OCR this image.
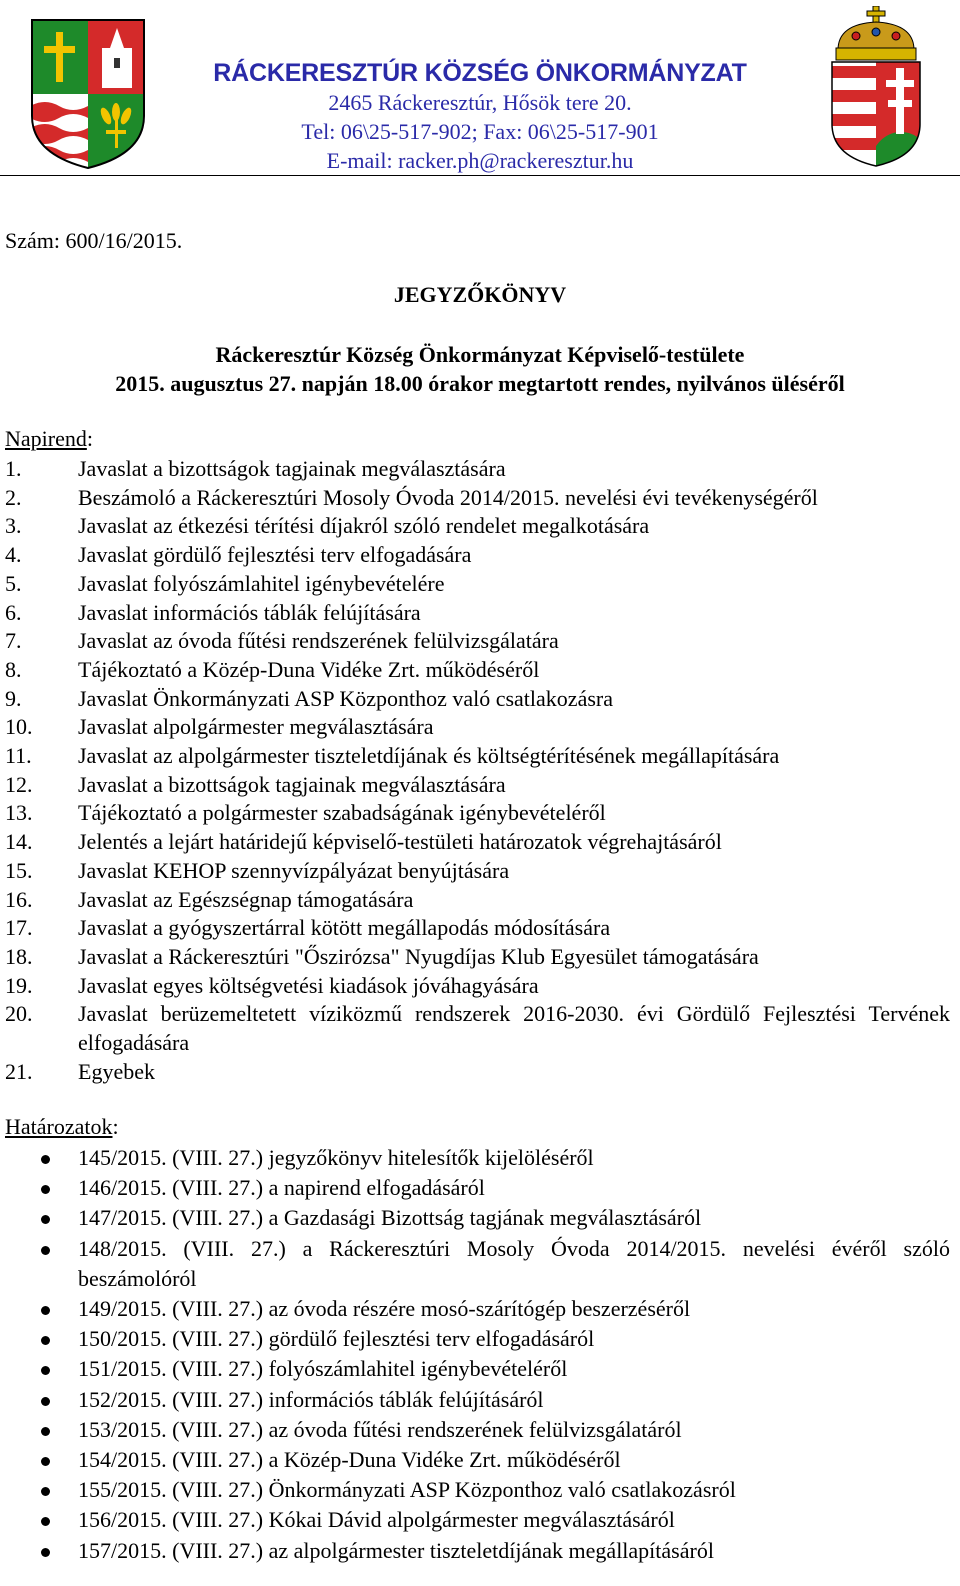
RÁCKERESZTÚR KÖZSÉG ÖNKORMÁNYZAT
2465 Ráckeresztúr, Hősök tere 20.
Tel: 06\25-517-902; Fax: 06\25-517-901
E-mail: racker.ph@rackeresztur.hu
Szám: 600/16/2015.
JEGYZŐKÖNYV
Ráckeresztúr Község Önkormányzat Képviselő-testülete
2015. augusztus 27. napján 18.00 órakor megtartott rendes, nyilvános üléséről
Napirend:
1.	Javaslat a bizottságok tagjainak megválasztására
2.	Beszámoló a Ráckeresztúri Mosoly Óvoda 2014/2015. nevelési évi tevékenységéről
3.	Javaslat az étkezési térítési díjakról szóló rendelet megalkotására
4.	Javaslat gördülő fejlesztési terv elfogadására
5.	Javaslat folyószámlahitel igénybevételére
6.	Javaslat információs táblák felújítására
7.	Javaslat az óvoda fűtési rendszerének felülvizsgálatára
8.	Tájékoztató a Közép-Duna Vidéke Zrt. működéséről
9.	Javaslat Önkormányzati ASP Központhoz való csatlakozásra
10.	Javaslat alpolgármester megválasztására
11.	Javaslat az alpolgármester tiszteletdíjának és költségtérítésének megállapítására
12.	Javaslat a bizottságok tagjainak megválasztására
13.	Tájékoztató a polgármester szabadságának igénybevételéről
14.	Jelentés a lejárt határidejű képviselő-testületi határozatok végrehajtásáról
15.	Javaslat KEHOP szennyvízpályázat benyújtására
16.	Javaslat az Egészségnap támogatására
17.	Javaslat a gyógyszertárral kötött megállapodás módosítására
18.	Javaslat a Ráckeresztúri "Őszirózsa" Nyugdíjas Klub Egyesület támogatására
19.	Javaslat egyes költségvetési kiadások jóváhagyására
20.	Javaslat berüzemeltetett víziközmű rendszerek 2016-2030. évi Gördülő Fejlesztési Tervének elfogadására
21.	Egyebek
Határozatok:
145/2015. (VIII. 27.) jegyzőkönyv hitelesítők kijelöléséről
146/2015. (VIII. 27.) a napirend elfogadásáról
147/2015. (VIII. 27.) a Gazdasági Bizottság tagjának megválasztásáról
148/2015. (VIII. 27.) a Ráckeresztúri Mosoly Óvoda 2014/2015. nevelési évéről szóló beszámolóról
149/2015. (VIII. 27.) az óvoda részére mosó-szárítógép beszerzéséről
150/2015. (VIII. 27.) gördülő fejlesztési terv elfogadásáról
151/2015. (VIII. 27.) folyószámlahitel igénybevételéről
152/2015. (VIII. 27.) információs táblák felújításáról
153/2015. (VIII. 27.) az óvoda fűtési rendszerének felülvizsgálatáról
154/2015. (VIII. 27.) a Közép-Duna Vidéke Zrt. működéséről
155/2015. (VIII. 27.) Önkormányzati ASP Központhoz való csatlakozásról
156/2015. (VIII. 27.) Kókai Dávid alpolgármester megválasztásáról
157/2015. (VIII. 27.) az alpolgármester tiszteletdíjának megállapításáról
